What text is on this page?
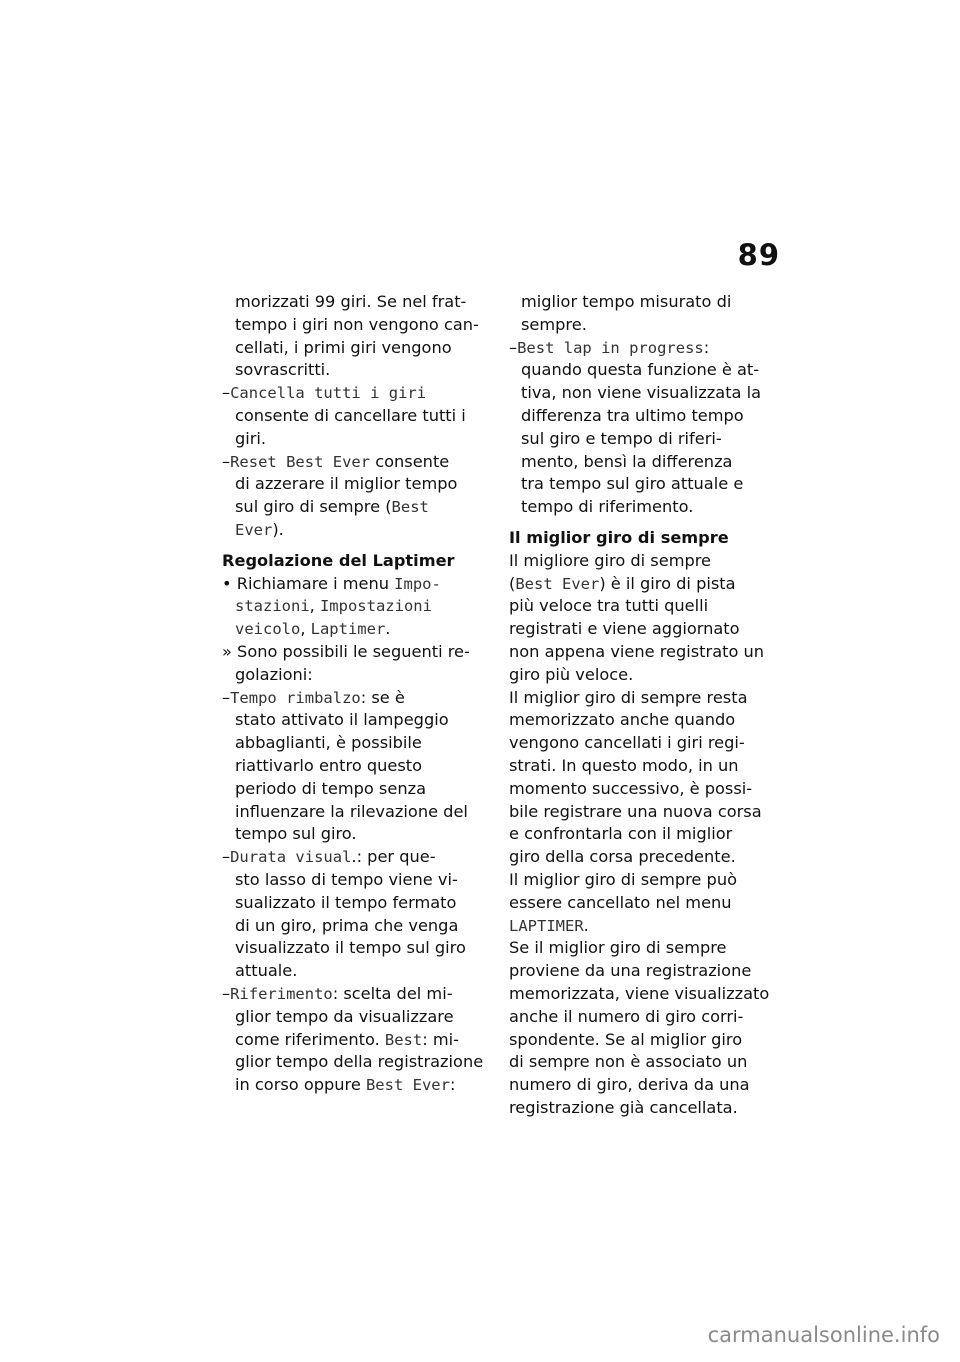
89
morizzati 99 giri. Se nel frat-
tempo i giri non vengono can-
cellati, i primi giri vengono
sovrascritti.
–Cancella tutti i giri
consente di cancellare tutti i
giri.
–Reset Best Ever consente
di azzerare il miglior tempo
sul giro di sempre (Best
Ever).
Regolazione del Laptimer
• Richiamare i menu Impo-
stazioni, Impostazioni
veicolo, Laptimer.
» Sono possibili le seguenti re-
golazioni:
–Tempo rimbalzo: se è
stato attivato il lampeggio
abbaglianti, è possibile
riattivarlo entro questo
periodo di tempo senza
influenzare la rilevazione del
tempo sul giro.
–Durata visual.: per que-
sto lasso di tempo viene vi-
sualizzato il tempo fermato
di un giro, prima che venga
visualizzato il tempo sul giro
attuale.
–Riferimento: scelta del mi-
glior tempo da visualizzare
come riferimento. Best: mi-
glior tempo della registrazione
in corso oppure Best Ever:
miglior tempo misurato di
sempre.
–Best lap in progress:
quando questa funzione è at-
tiva, non viene visualizzata la
differenza tra ultimo tempo
sul giro e tempo di riferi-
mento, bensì la differenza
tra tempo sul giro attuale e
tempo di riferimento.
Il miglior giro di sempre
Il migliore giro di sempre
(Best Ever) è il giro di pista
più veloce tra tutti quelli
registrati e viene aggiornato
non appena viene registrato un
giro più veloce.
Il miglior giro di sempre resta
memorizzato anche quando
vengono cancellati i giri regi-
strati. In questo modo, in un
momento successivo, è possi-
bile registrare una nuova corsa
e confrontarla con il miglior
giro della corsa precedente.
Il miglior giro di sempre può
essere cancellato nel menu
LAPTIMER.
Se il miglior giro di sempre
proviene da una registrazione
memorizzata, viene visualizzato
anche il numero di giro corri-
spondente. Se al miglior giro
di sempre non è associato un
numero di giro, deriva da una
registrazione già cancellata.
carmanualsonline.info
